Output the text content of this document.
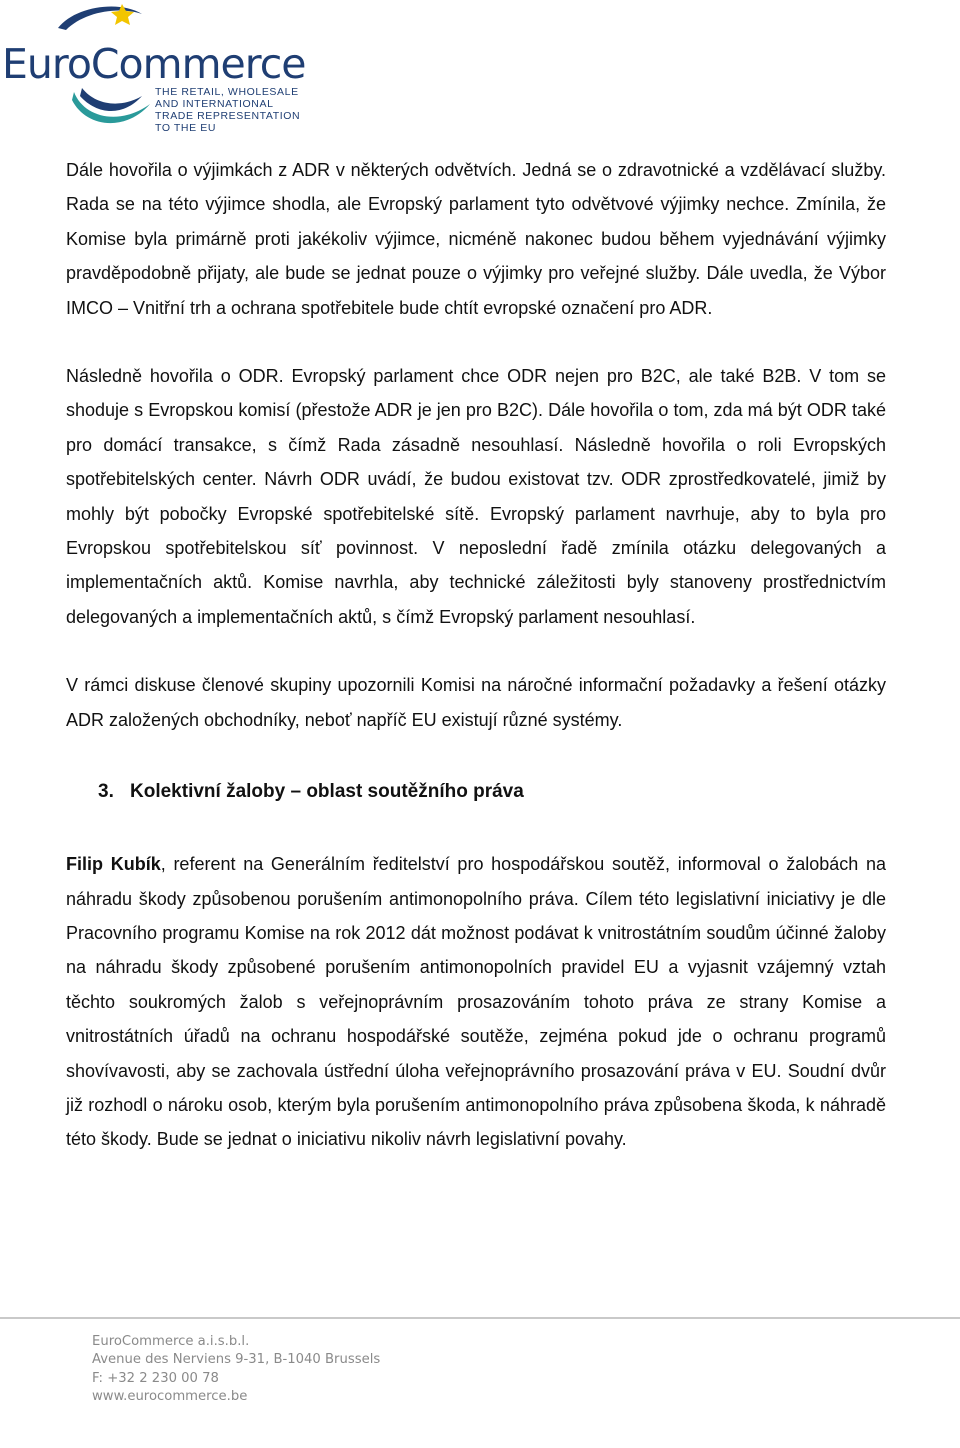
EuroCommerce
THE RETAIL, WHOLESALE
AND INTERNATIONAL
TRADE REPRESENTATION
TO THE EU

Dále hovořila o výjimkách z ADR v některých odvětvích. Jedná se o zdravotnické a vzdělávací služby. Rada se na této výjimce shodla, ale Evropský parlament tyto odvětvové výjimky nechce. Zmínila, že Komise byla primárně proti jakékoliv výjimce, nicméně nakonec budou během vyjednávání výjimky pravděpodobně přijaty, ale bude se jednat pouze o výjimky pro veřejné služby. Dále uvedla, že Výbor IMCO – Vnitřní trh a ochrana spotřebitele bude chtít evropské označení pro ADR.

Následně hovořila o ODR. Evropský parlament chce ODR nejen pro B2C, ale také B2B. V tom se shoduje s Evropskou komisí (přestože ADR je jen pro B2C). Dále hovořila o tom, zda má být ODR také pro domácí transakce, s čímž Rada zásadně nesouhlasí. Následně hovořila o roli Evropských spotřebitelských center. Návrh ODR uvádí, že budou existovat tzv. ODR zprostředkovatelé, jimiž by mohly být pobočky Evropské spotřebitelské sítě. Evropský parlament navrhuje, aby to byla pro Evropskou spotřebitelskou síť povinnost. V neposlední řadě zmínila otázku delegovaných a implementačních aktů. Komise navrhla, aby technické záležitosti byly stanoveny prostřednictvím delegovaných a implementačních aktů, s čímž Evropský parlament nesouhlasí.

V rámci diskuse členové skupiny upozornili Komisi na náročné informační požadavky a řešení otázky ADR založených obchodníky, neboť napříč EU existují různé systémy.

3. Kolektivní žaloby – oblast soutěžního práva

Filip Kubík, referent na Generálním ředitelství pro hospodářskou soutěž, informoval o žalobách na náhradu škody způsobenou porušením antimonopolního práva. Cílem této legislativní iniciativy je dle Pracovního programu Komise na rok 2012 dát možnost podávat k vnitrostátním soudům účinné žaloby na náhradu škody způsobené porušením antimonopolních pravidel EU a vyjasnit vzájemný vztah těchto soukromých žalob s veřejnoprávním prosazováním tohoto práva ze strany Komise a vnitrostátních úřadů na ochranu hospodářské soutěže, zejména pokud jde o ochranu programů shovívavosti, aby se zachovala ústřední úloha veřejnoprávního prosazování práva v EU. Soudní dvůr již rozhodl o nároku osob, kterým byla porušením antimonopolního práva způsobena škoda, k náhradě této škody. Bude se jednat o iniciativu nikoliv návrh legislativní povahy.

EuroCommerce a.i.s.b.l.
Avenue des Nerviens 9-31, B-1040 Brussels
F: +32 2 230 00 78
www.eurocommerce.be
